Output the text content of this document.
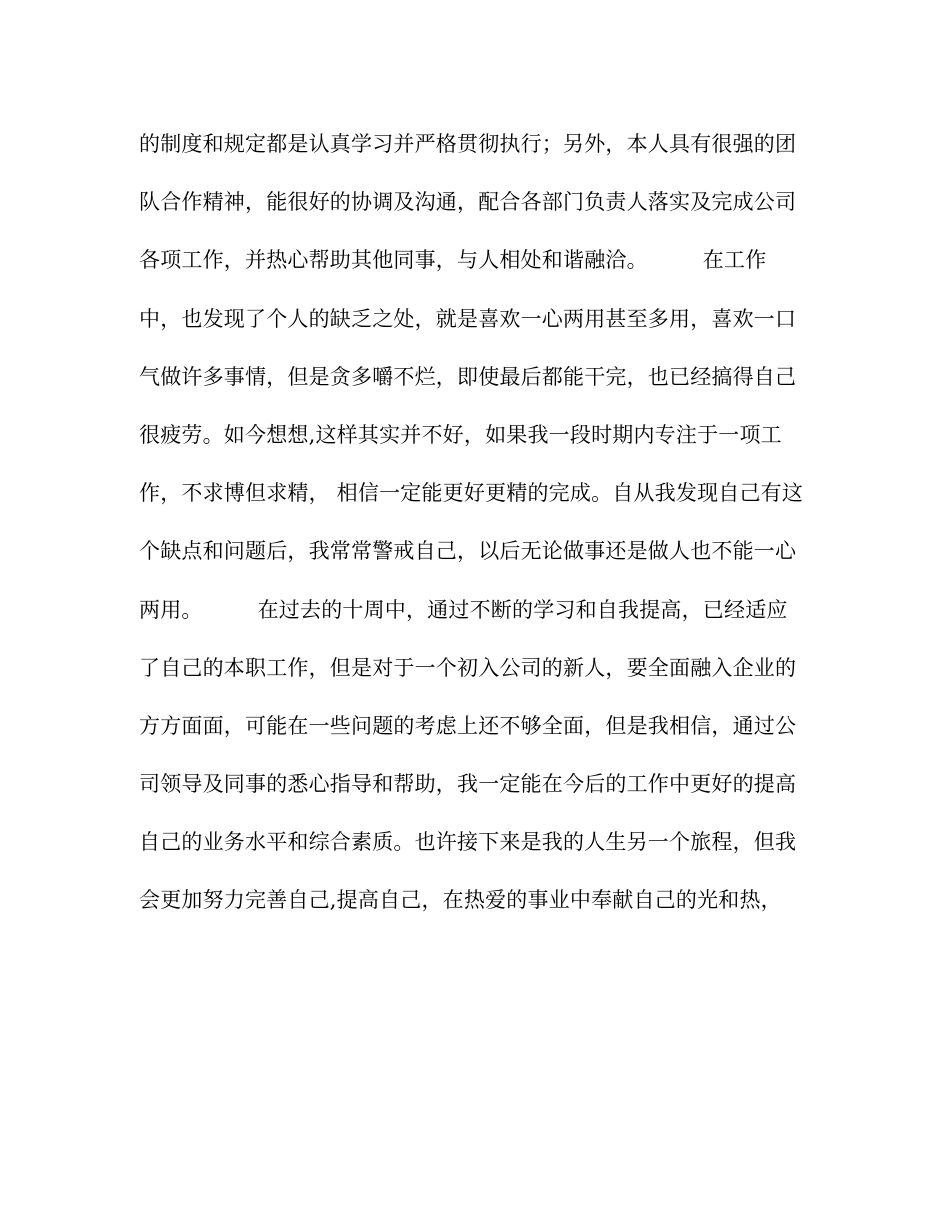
的制度和规定都是认真学习并严格贯彻执行；另外，本人具有很强的团
队合作精神，能很好的协调及沟通，配合各部门负责人落实及完成公司
各项工作，并热心帮助其他同事，与人相处和谐融洽。        在工作
中，也发现了个人的缺乏之处，就是喜欢一心两用甚至多用，喜欢一口
气做许多事情，但是贪多嚼不烂，即使最后都能干完，也已经搞得自己
很疲劳。如今想想,这样其实并不好，如果我一段时期内专注于一项工
作，不求博但求精， 相信一定能更好更精的完成。自从我发现自己有这
个缺点和问题后，我常常警戒自己，以后无论做事还是做人也不能一心
两用。        在过去的十周中，通过不断的学习和自我提高，已经适应
了自己的本职工作，但是对于一个初入公司的新人，要全面融入企业的
方方面面，可能在一些问题的考虑上还不够全面，但是我相信，通过公
司领导及同事的悉心指导和帮助，我一定能在今后的工作中更好的提高
自己的业务水平和综合素质。也许接下来是我的人生另一个旅程，但我
会更加努力完善自己,提高自己，在热爱的事业中奉献自己的光和热，
